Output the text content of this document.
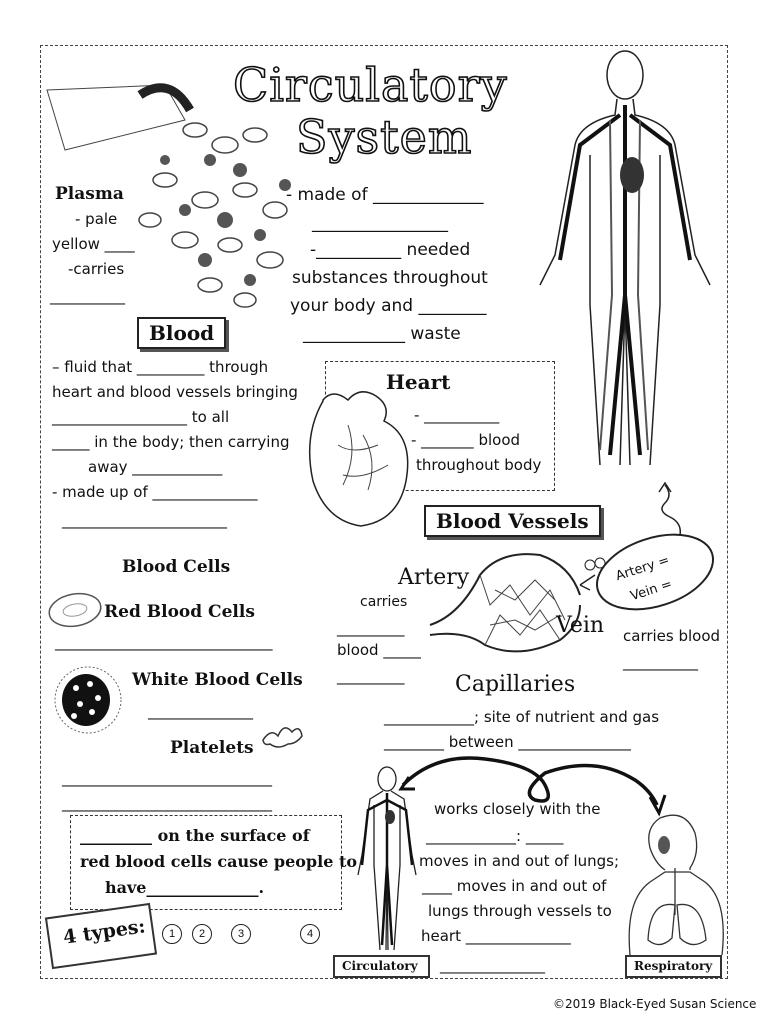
Circulatory
System
Plasma
- pale
yellow ____
-carries
__________
- made of _____________
________________
-__________ needed
substances throughout
your body and ________
____________ waste
Blood
– fluid that _________ through
heart and blood vessels bringing
__________________ to all
_____ in the body; then carrying
away ____________
- made up of ______________
______________________
Heart
- __________
- _______ blood
throughout body
Blood Vessels
Artery =
Vein =
Artery
carries
_________
blood _____
_________
Vein carries blood
__________
Capillaries
____________; site of nutrient and gas
________ between _______________
Blood Cells
Red Blood Cells
_____________________________
White Blood Cells
______________
Platelets
____________________________
____________________________
_________ on the surface of
red blood cells cause people to
have______________.
4 types:	1	2	3	4
works closely with the
____________: _____
moves in and out of lungs;
____ moves in and out of
lungs through vessels to
heart ______________
Circulatory ______________	Respiratory
©2019 Black-Eyed Susan Science
